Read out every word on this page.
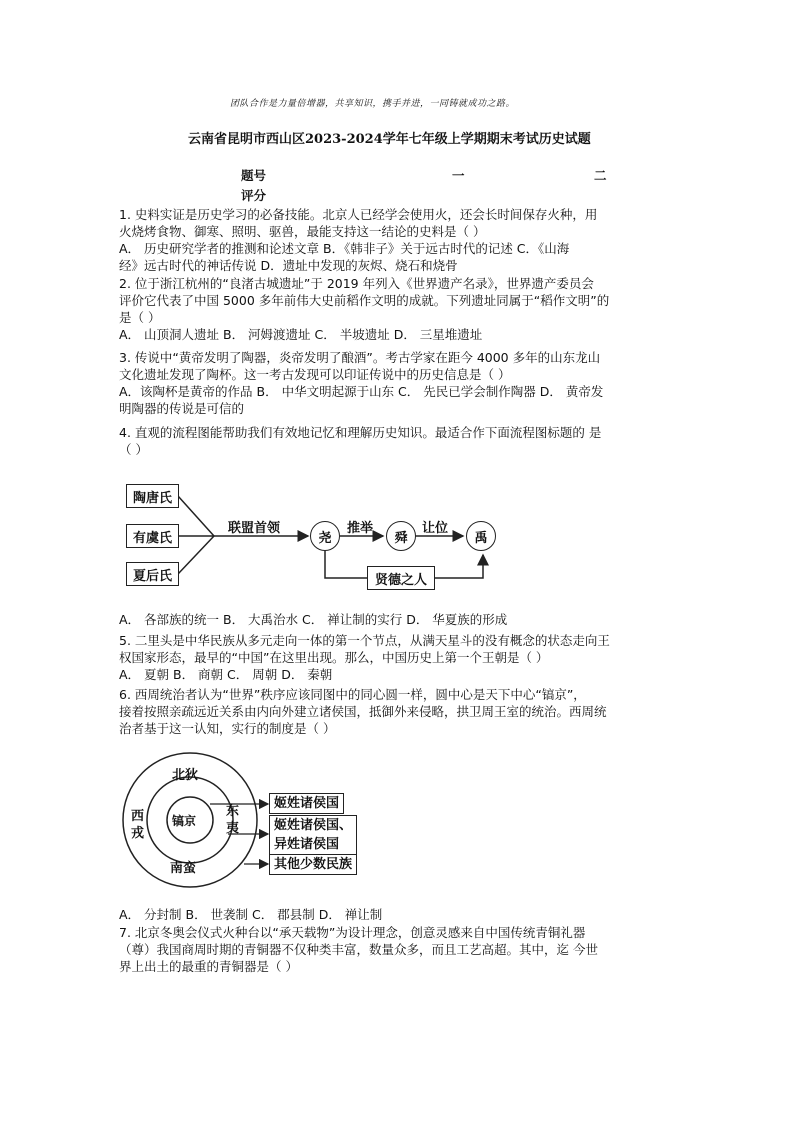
团队合作是力量倍增器，共享知识，携手并进，一同铸就成功之路。
云南省昆明市西山区2023-2024学年七年级上学期期末考试历史试题
题号	一	二
评分
1. 史料实证是历史学习的必备技能。北京人已经学会使用火，还会长时间保存火种，用
火烧烤食物、御寒、照明、驱兽，最能支持这一结论的史料是（ ）
A． 历史研究学者的推测和论述文章 B．《韩非子》关于远古时代的记述 C．《山海
经》远古时代的神话传说 D．遗址中发现的灰烬、烧石和烧骨
2. 位于浙江杭州的“良渚古城遗址”于 2019 年列入《世界遗产名录》，世界遗产委员会
评价它代表了中国 5000 多年前伟大史前稻作文明的成就。下列遗址同属于“稻作文明”的
是（ ）
A． 山顶洞人遗址 B． 河姆渡遗址 C． 半坡遗址 D． 三星堆遗址
3. 传说中“黄帝发明了陶器，炎帝发明了酿酒”。考古学家在距今 4000 多年的山东龙山
文化遗址发现了陶杯。这一考古发现可以印证传说中的历史信息是（ ）
A．该陶杯是黄帝的作品 B． 中华文明起源于山东 C． 先民已学会制作陶器 D． 黄帝发
明陶器的传说是可信的
4. 直观的流程图能帮助我们有效地记忆和理解历史知识。最适合作下面流程图标题的 是
（ ）
陶唐氏
有虞氏
夏后氏
联盟首领
尧
推举
舜
让位
禹
贤德之人
A． 各部族的统一 B． 大禹治水 C． 禅让制的实行 D． 华夏族的形成
5. 二里头是中华民族从多元走向一体的第一个节点，从满天星斗的没有概念的状态走向王
权国家形态，最早的“中国”在这里出现。那么，中国历史上第一个王朝是（ ）
A． 夏朝 B． 商朝 C． 周朝 D． 秦朝
6. 西周统治者认为“世界”秩序应该同图中的同心圆一样，圆中心是天下中心“镐京”，
接着按照亲疏远近关系由内向外建立诸侯国，抵御外来侵略，拱卫周王室的统治。西周统
治者基于这一认知，实行的制度是（ ）
北狄
西
戎
镐京
东
夷
南蛮
姬姓诸侯国
姬姓诸侯国、
异姓诸侯国
其他少数民族
A． 分封制 B． 世袭制 C． 郡县制 D． 禅让制
7. 北京冬奥会仪式火种台以“承天载物”为设计理念，创意灵感来自中国传统青铜礼器
（尊）我国商周时期的青铜器不仅种类丰富，数量众多，而且工艺高超。其中，迄 今世
界上出土的最重的青铜器是（ ）
